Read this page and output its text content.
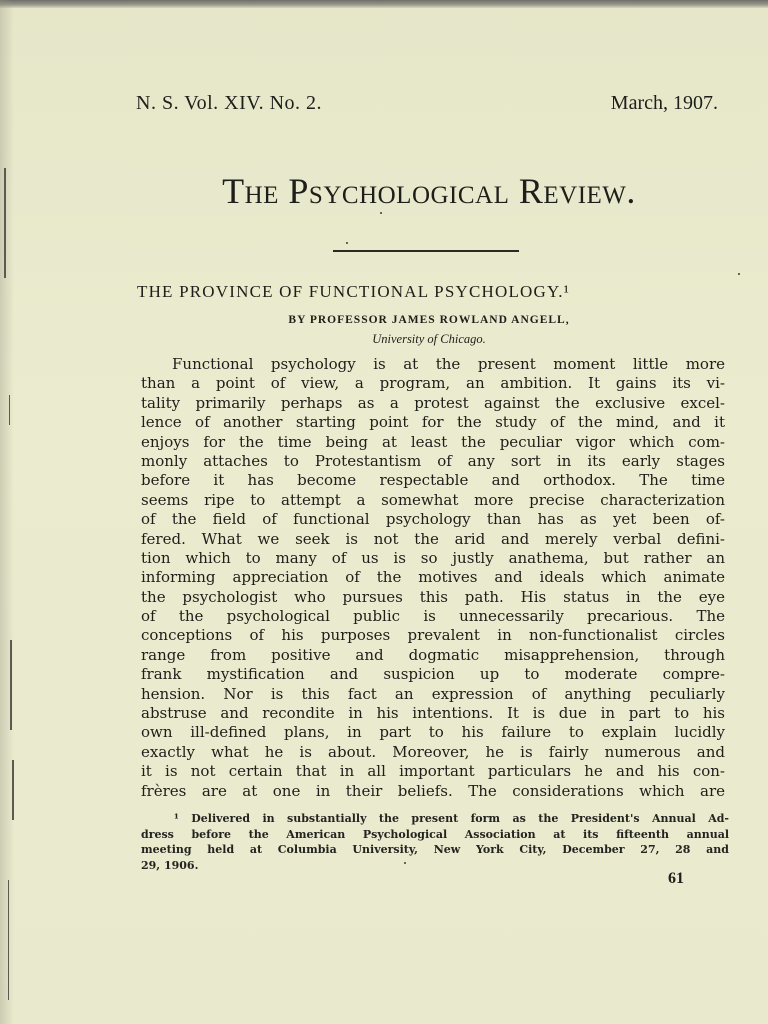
N. S. Vol. XIV. No. 2.	March, 1907.
The Psychological Review.
THE PROVINCE OF FUNCTIONAL PSYCHOLOGY.¹
BY PROFESSOR JAMES ROWLAND ANGELL,
University of Chicago.
Functional psychology is at the present moment little more
than a point of view, a program, an ambition. It gains its vi-
tality primarily perhaps as a protest against the exclusive excel-
lence of another starting point for the study of the mind, and it
enjoys for the time being at least the peculiar vigor which com-
monly attaches to Protestantism of any sort in its early stages
before it has become respectable and orthodox. The time
seems ripe to attempt a somewhat more precise characterization
of the field of functional psychology than has as yet been of-
fered. What we seek is not the arid and merely verbal defini-
tion which to many of us is so justly anathema, but rather an
informing appreciation of the motives and ideals which animate
the psychologist who pursues this path. His status in the eye
of the psychological public is unnecessarily precarious. The
conceptions of his purposes prevalent in non-functionalist circles
range from positive and dogmatic misapprehension, through
frank mystification and suspicion up to moderate compre-
hension. Nor is this fact an expression of anything peculiarly
abstruse and recondite in his intentions. It is due in part to his
own ill-defined plans, in part to his failure to explain lucidly
exactly what he is about. Moreover, he is fairly numerous and
it is not certain that in all important particulars he and his con-
frères are at one in their beliefs. The considerations which are
¹ Delivered in substantially the present form as the President's Annual Ad-
dress before the American Psychological Association at its fifteenth annual
meeting held at Columbia University, New York City, December 27, 28 and
29, 1906.
61
